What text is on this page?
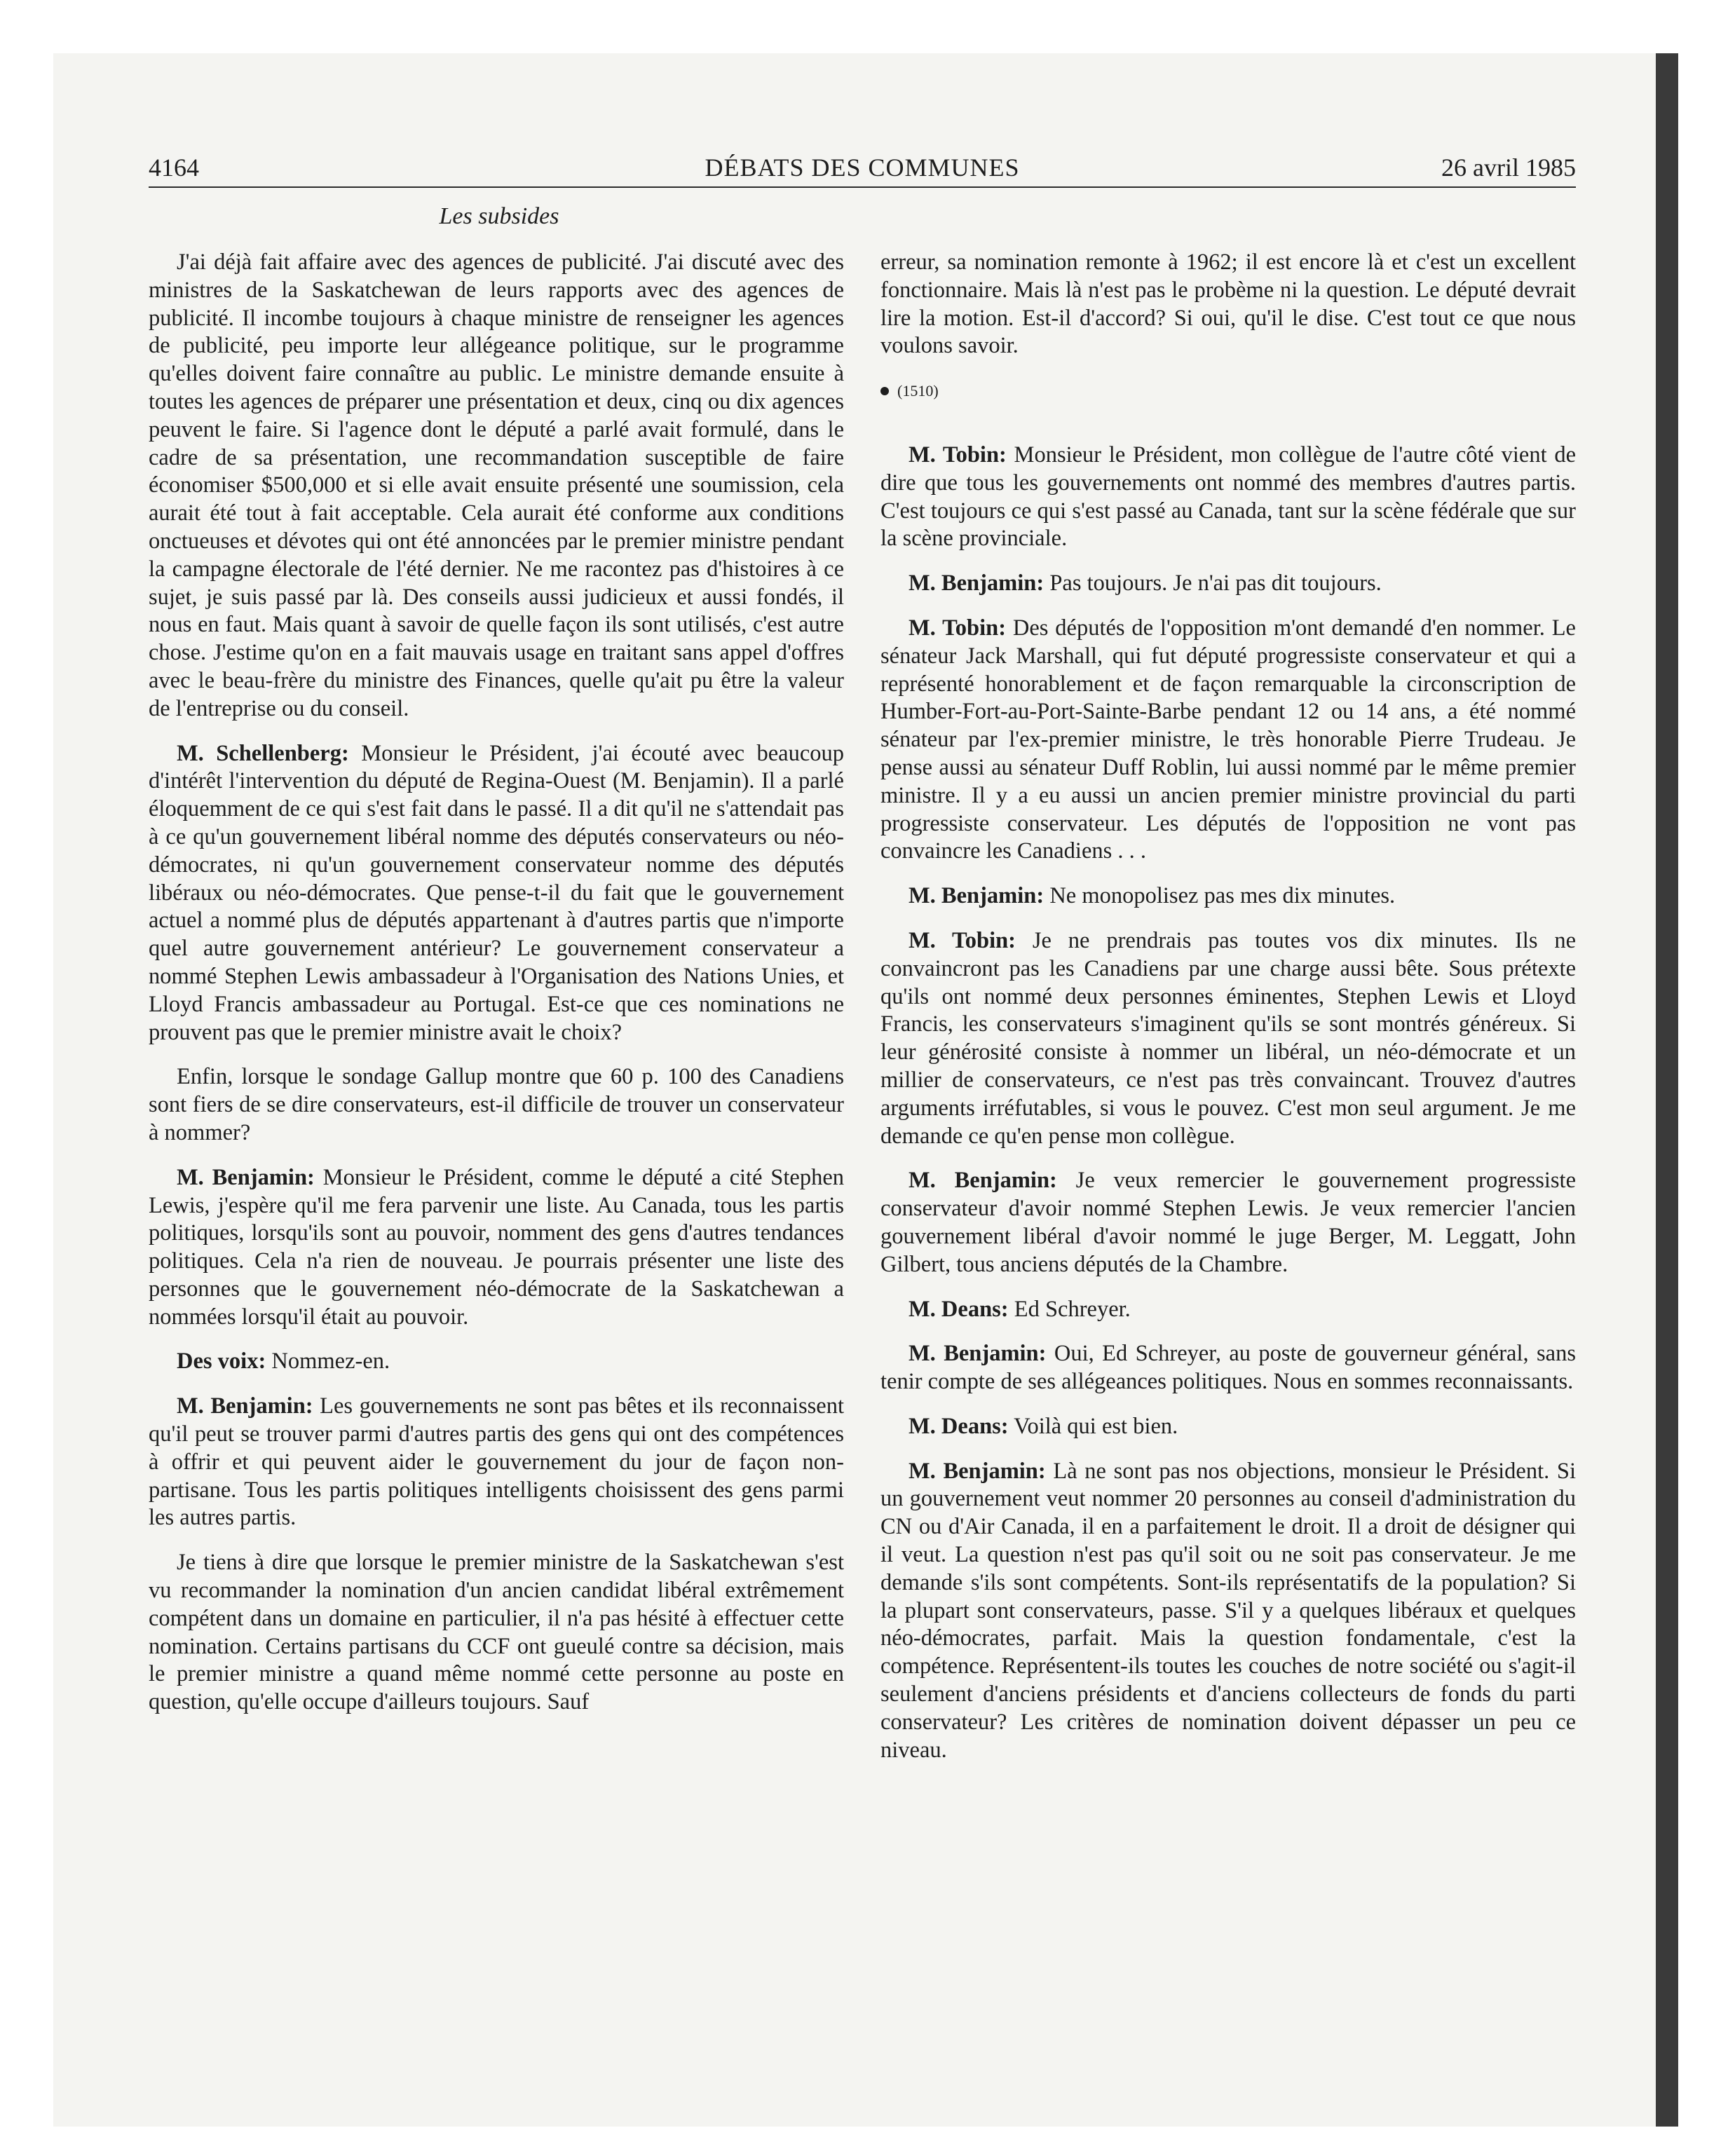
4164	DÉBATS DES COMMUNES	26 avril 1985
Les subsides

J'ai déjà fait affaire avec des agences de publicité. J'ai discuté avec des ministres de la Saskatchewan de leurs rapports avec des agences de publicité. Il incombe toujours à chaque ministre de renseigner les agences de publicité, peu importe leur allégeance politique, sur le programme qu'elles doivent faire connaître au public. Le ministre demande ensuite à toutes les agences de préparer une présentation et deux, cinq ou dix agences peuvent le faire. Si l'agence dont le député a parlé avait formulé, dans le cadre de sa présentation, une recommandation susceptible de faire économiser $500,000 et si elle avait ensuite présenté une soumission, cela aurait été tout à fait acceptable. Cela aurait été conforme aux conditions onctueuses et dévotes qui ont été annoncées par le premier ministre pendant la campagne électorale de l'été dernier. Ne me racontez pas d'histoires à ce sujet, je suis passé par là. Des conseils aussi judicieux et aussi fondés, il nous en faut. Mais quant à savoir de quelle façon ils sont utilisés, c'est autre chose. J'estime qu'on en a fait mauvais usage en traitant sans appel d'offres avec le beau-frère du ministre des Finances, quelle qu'ait pu être la valeur de l'entreprise ou du conseil.

M. Schellenberg: Monsieur le Président, j'ai écouté avec beaucoup d'intérêt l'intervention du député de Regina-Ouest (M. Benjamin). Il a parlé éloquemment de ce qui s'est fait dans le passé. Il a dit qu'il ne s'attendait pas à ce qu'un gouvernement libéral nomme des députés conservateurs ou néo-démocrates, ni qu'un gouvernement conservateur nomme des députés libéraux ou néo-démocrates. Que pense-t-il du fait que le gouvernement actuel a nommé plus de députés appartenant à d'autres partis que n'importe quel autre gouvernement antérieur? Le gouvernement conservateur a nommé Stephen Lewis ambassadeur à l'Organisation des Nations Unies, et Lloyd Francis ambassadeur au Portugal. Est-ce que ces nominations ne prouvent pas que le premier ministre avait le choix?

Enfin, lorsque le sondage Gallup montre que 60 p. 100 des Canadiens sont fiers de se dire conservateurs, est-il difficile de trouver un conservateur à nommer?

M. Benjamin: Monsieur le Président, comme le député a cité Stephen Lewis, j'espère qu'il me fera parvenir une liste. Au Canada, tous les partis politiques, lorsqu'ils sont au pouvoir, nomment des gens d'autres tendances politiques. Cela n'a rien de nouveau. Je pourrais présenter une liste des personnes que le gouvernement néo-démocrate de la Saskatchewan a nommées lorsqu'il était au pouvoir.

Des voix: Nommez-en.

M. Benjamin: Les gouvernements ne sont pas bêtes et ils reconnaissent qu'il peut se trouver parmi d'autres partis des gens qui ont des compétences à offrir et qui peuvent aider le gouvernement du jour de façon non-partisane. Tous les partis politiques intelligents choisissent des gens parmi les autres partis.

Je tiens à dire que lorsque le premier ministre de la Saskatchewan s'est vu recommander la nomination d'un ancien candidat libéral extrêmement compétent dans un domaine en particulier, il n'a pas hésité à effectuer cette nomination. Certains partisans du CCF ont gueulé contre sa décision, mais le premier ministre a quand même nommé cette personne au poste en question, qu'elle occupe d'ailleurs toujours. Sauf

erreur, sa nomination remonte à 1962; il est encore là et c'est un excellent fonctionnaire. Mais là n'est pas le probème ni la question. Le député devrait lire la motion. Est-il d'accord? Si oui, qu'il le dise. C'est tout ce que nous voulons savoir.

(1510)

M. Tobin: Monsieur le Président, mon collègue de l'autre côté vient de dire que tous les gouvernements ont nommé des membres d'autres partis. C'est toujours ce qui s'est passé au Canada, tant sur la scène fédérale que sur la scène provinciale.

M. Benjamin: Pas toujours. Je n'ai pas dit toujours.

M. Tobin: Des députés de l'opposition m'ont demandé d'en nommer. Le sénateur Jack Marshall, qui fut député progressiste conservateur et qui a représenté honorablement et de façon remarquable la circonscription de Humber-Fort-au-Port-Sainte-Barbe pendant 12 ou 14 ans, a été nommé sénateur par l'ex-premier ministre, le très honorable Pierre Trudeau. Je pense aussi au sénateur Duff Roblin, lui aussi nommé par le même premier ministre. Il y a eu aussi un ancien premier ministre provincial du parti progressiste conservateur. Les députés de l'opposition ne vont pas convaincre les Canadiens . . .

M. Benjamin: Ne monopolisez pas mes dix minutes.

M. Tobin: Je ne prendrais pas toutes vos dix minutes. Ils ne convaincront pas les Canadiens par une charge aussi bête. Sous prétexte qu'ils ont nommé deux personnes éminentes, Stephen Lewis et Lloyd Francis, les conservateurs s'imaginent qu'ils se sont montrés généreux. Si leur générosité consiste à nommer un libéral, un néo-démocrate et un millier de conservateurs, ce n'est pas très convaincant. Trouvez d'autres arguments irréfutables, si vous le pouvez. C'est mon seul argument. Je me demande ce qu'en pense mon collègue.

M. Benjamin: Je veux remercier le gouvernement progressiste conservateur d'avoir nommé Stephen Lewis. Je veux remercier l'ancien gouvernement libéral d'avoir nommé le juge Berger, M. Leggatt, John Gilbert, tous anciens députés de la Chambre.

M. Deans: Ed Schreyer.

M. Benjamin: Oui, Ed Schreyer, au poste de gouverneur général, sans tenir compte de ses allégeances politiques. Nous en sommes reconnaissants.

M. Deans: Voilà qui est bien.

M. Benjamin: Là ne sont pas nos objections, monsieur le Président. Si un gouvernement veut nommer 20 personnes au conseil d'administration du CN ou d'Air Canada, il en a parfaitement le droit. Il a droit de désigner qui il veut. La question n'est pas qu'il soit ou ne soit pas conservateur. Je me demande s'ils sont compétents. Sont-ils représentatifs de la population? Si la plupart sont conservateurs, passe. S'il y a quelques libéraux et quelques néo-démocrates, parfait. Mais la question fondamentale, c'est la compétence. Représentent-ils toutes les couches de notre société ou s'agit-il seulement d'anciens présidents et d'anciens collecteurs de fonds du parti conservateur? Les critères de nomination doivent dépasser un peu ce niveau.
